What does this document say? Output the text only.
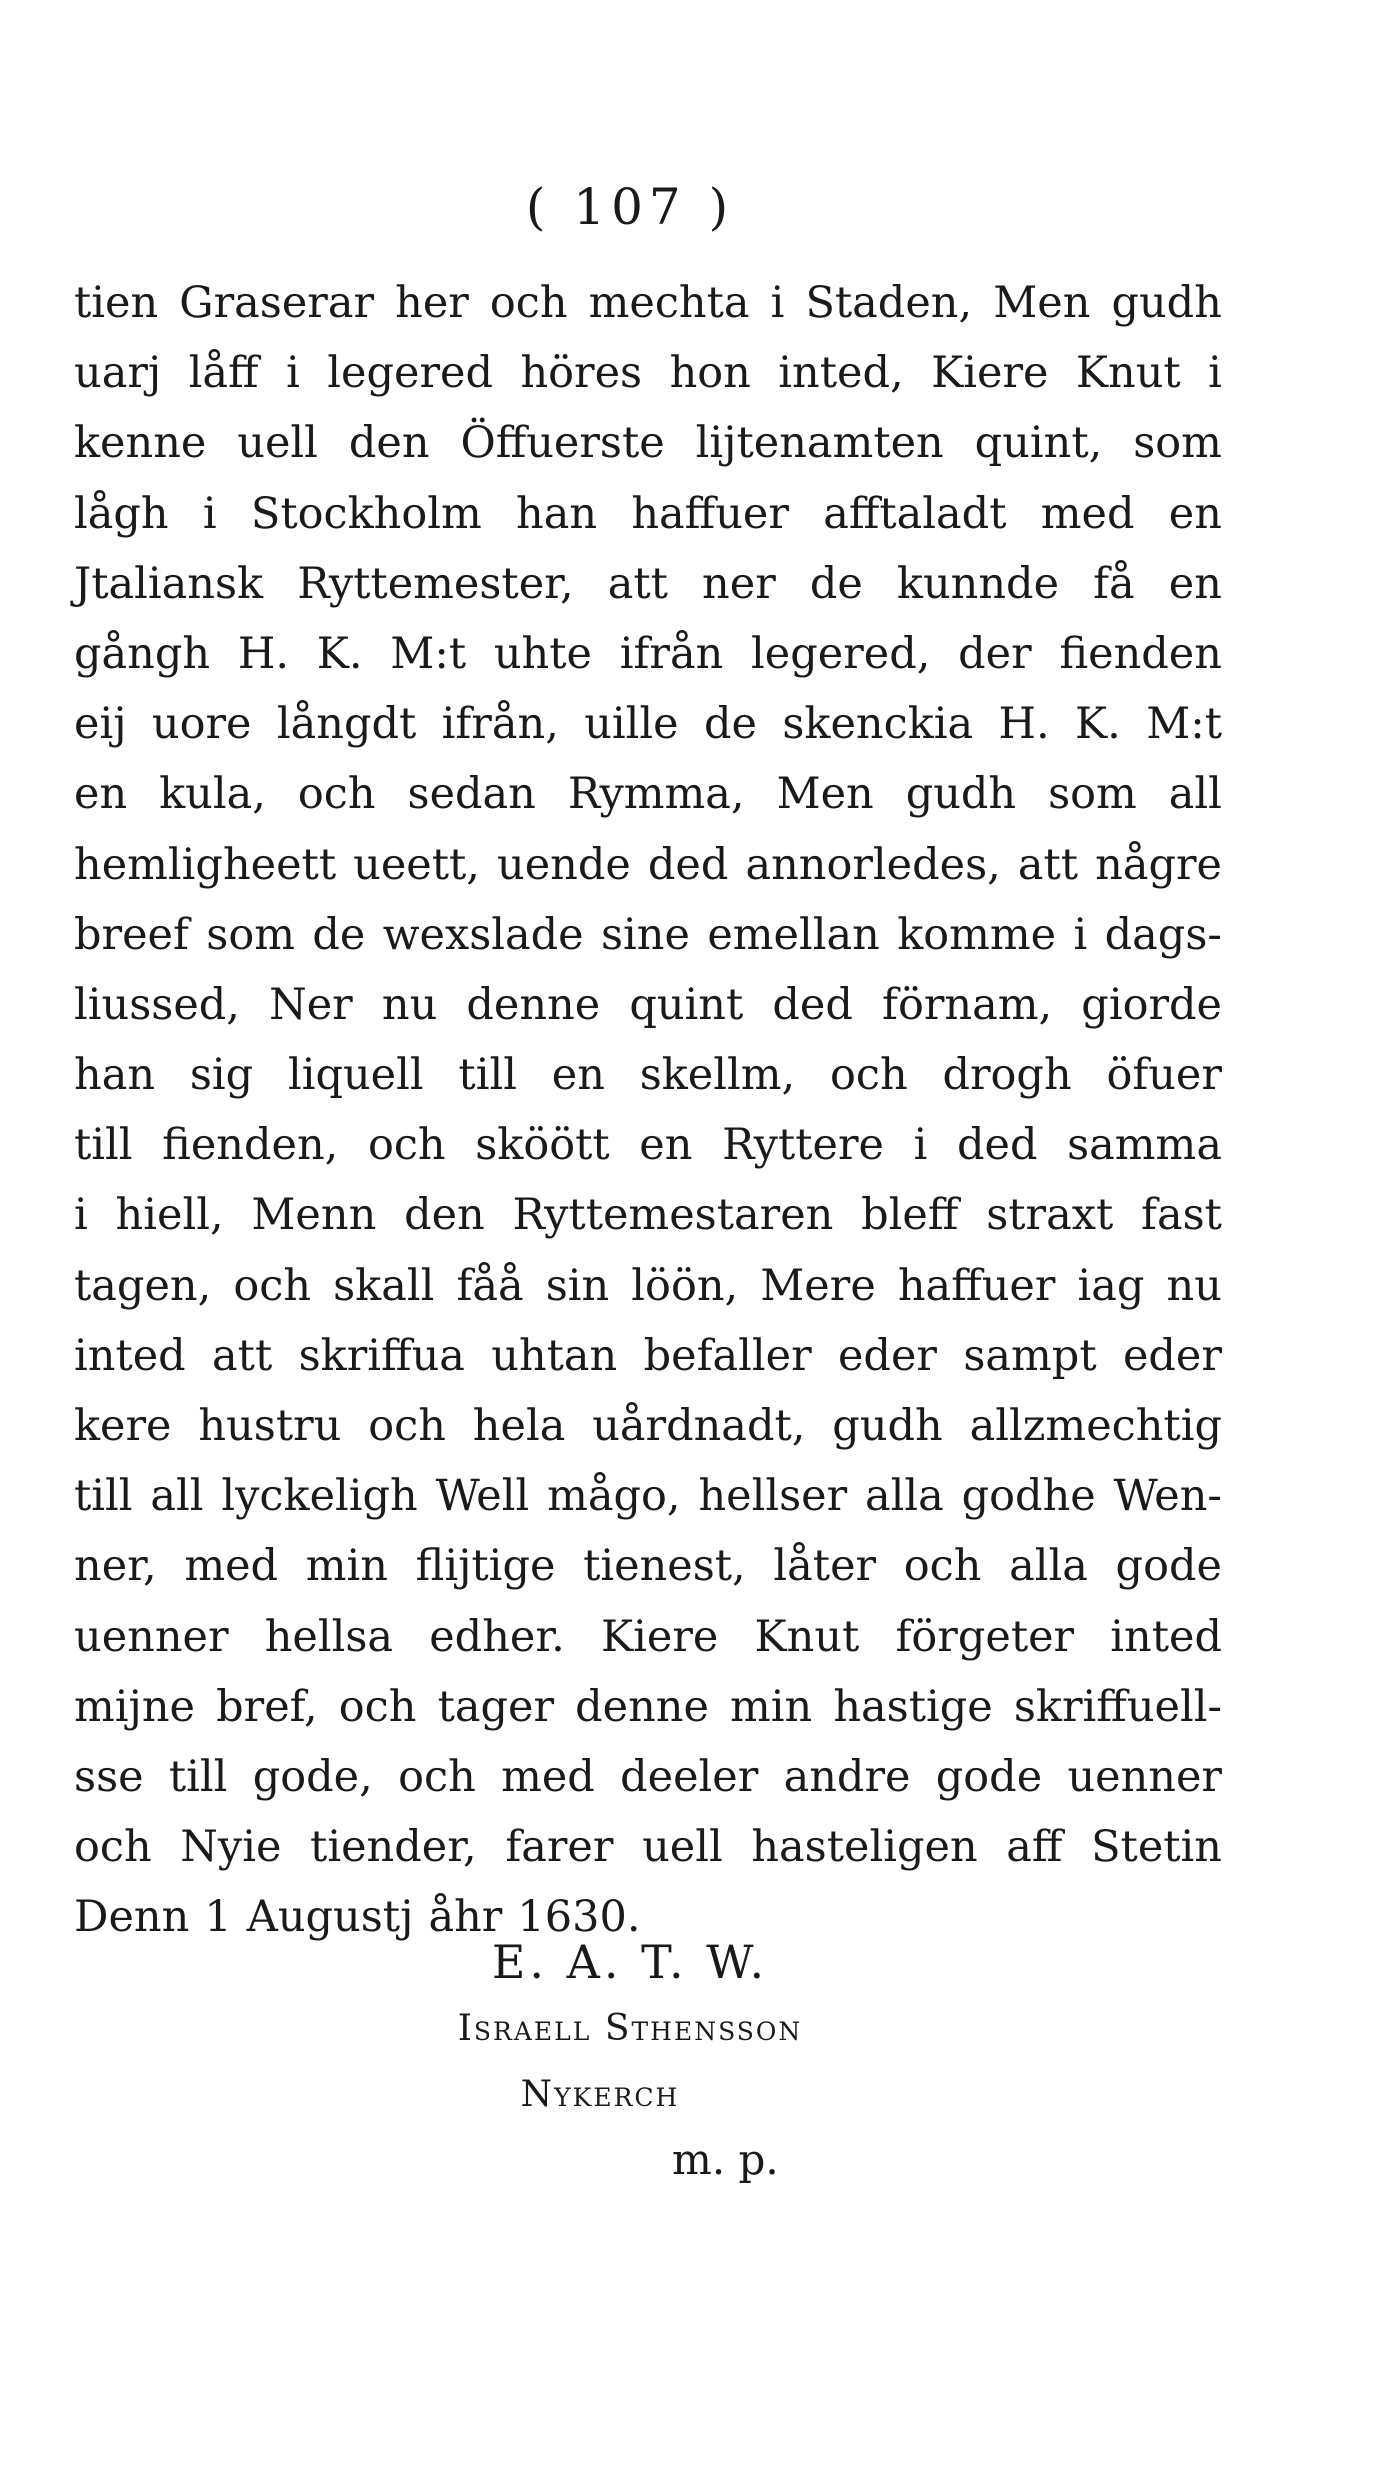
( 107 )
tien Graserar her och mechta i Staden, Men gudh
uarj låff i legered höres hon inted, Kiere Knut i
kenne uell den Öffuerste lijtenamten quint, som
lågh i Stockholm han haffuer afftaladt med en
Jtaliansk Ryttemester, att ner de kunnde få en
gångh H. K. M:t uhte ifrån legered, der fienden
eij uore långdt ifrån, uille de skenckia H. K. M:t
en kula, och sedan Rymma, Men gudh som all
hemligheett ueett, uende ded annorledes, att någre
breef som de wexslade sine emellan komme i dags-
liussed, Ner nu denne quint ded förnam, giorde
han sig liquell till en skellm, och drogh öfuer
till fienden, och sköött en Ryttere i ded samma
i hiell, Menn den Ryttemestaren bleff straxt fast
tagen, och skall fåå sin löön, Mere haffuer iag nu
inted att skriffua uhtan befaller eder sampt eder
kere hustru och hela uårdnadt, gudh allzmechtig
till all lyckeligh Well mågo, hellser alla godhe Wen-
ner, med min flijtige tienest, låter och alla gode
uenner hellsa edher. Kiere Knut förgeter inted
mijne bref, och tager denne min hastige skriffuell-
sse till gode, och med deeler andre gode uenner
och Nyie tiender, farer uell hasteligen aff Stetin
Denn 1 Augustj åhr 1630.
E. A. T. W.
Israell Sthensson
Nykerch
m. p.
